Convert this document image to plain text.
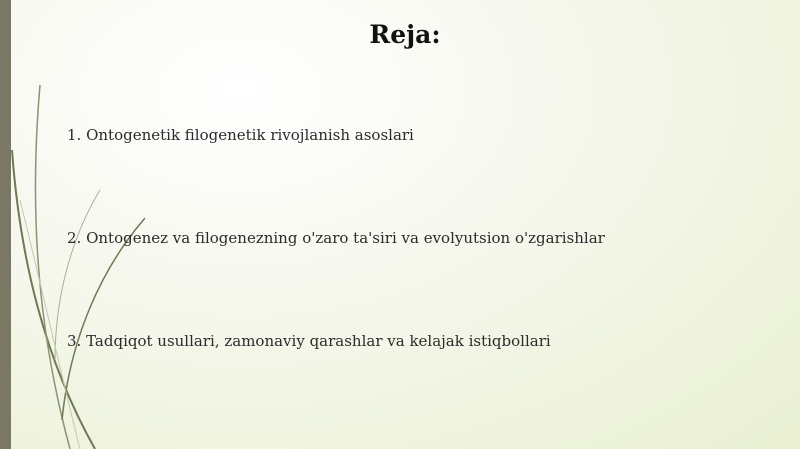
Reja:
1. Ontogenetik filogenetik rivojlanish asoslari
2. Ontogenez va filogenezning o'zaro ta'siri va evolyutsion o'zgarishlar
3. Tadqiqot usullari, zamonaviy qarashlar va kelajak istiqbollari
